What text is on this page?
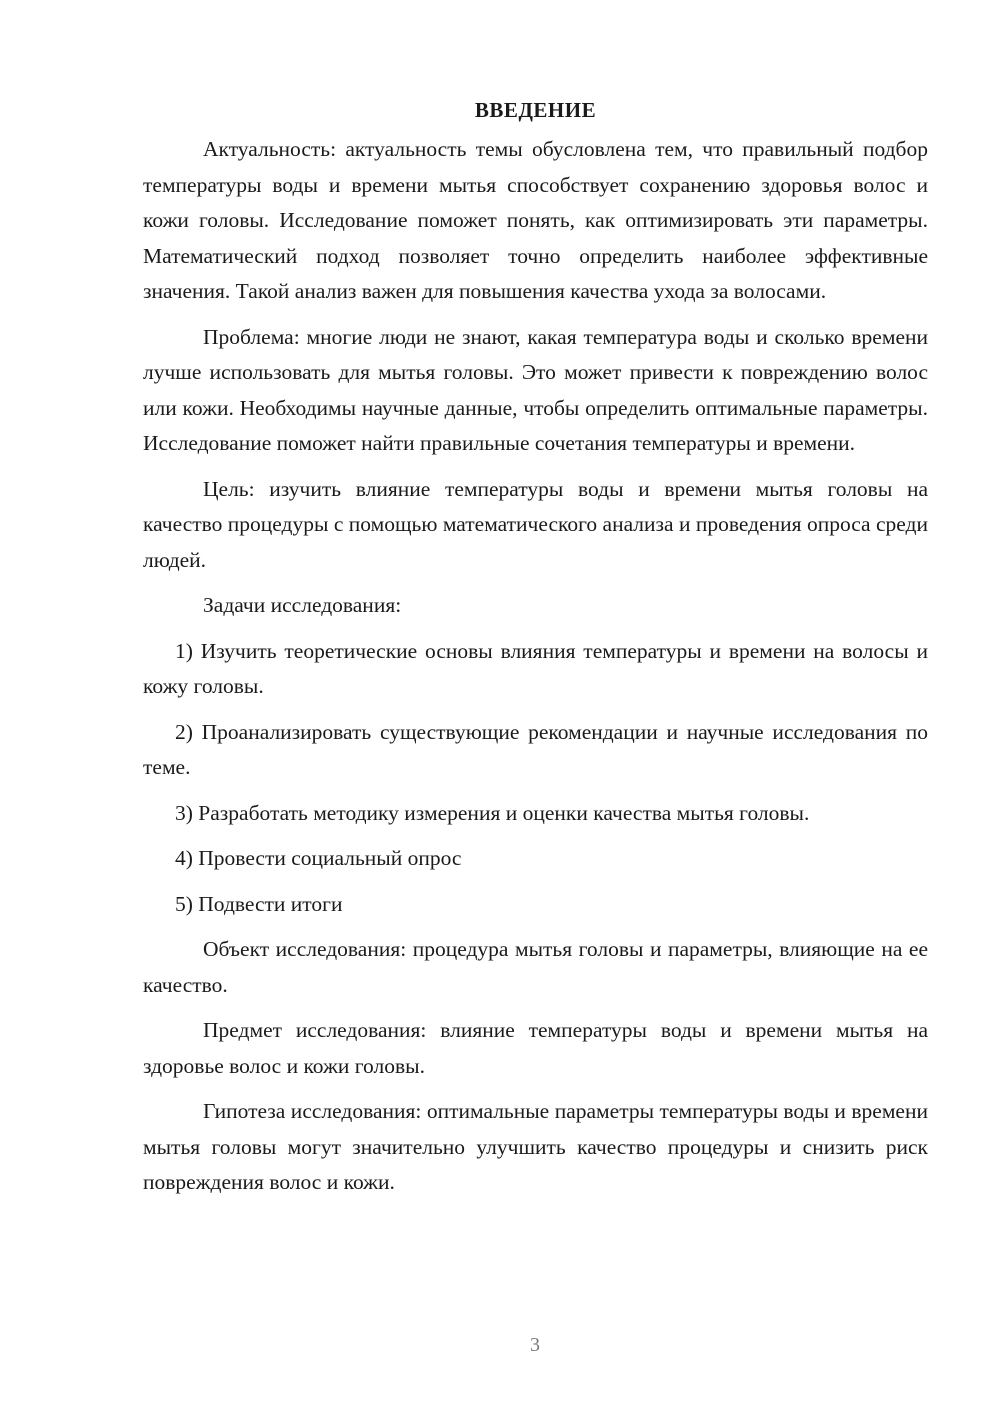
ВВЕДЕНИЕ

Актуальность: актуальность темы обусловлена тем, что правильный подбор температуры воды и времени мытья способствует сохранению здоровья волос и кожи головы. Исследование поможет понять, как оптимизировать эти параметры. Математический подход позволяет точно определить наиболее эффективные значения. Такой анализ важен для повышения качества ухода за волосами.

Проблема: многие люди не знают, какая температура воды и сколько времени лучше использовать для мытья головы. Это может привести к повреждению волос или кожи. Необходимы научные данные, чтобы определить оптимальные параметры. Исследование поможет найти правильные сочетания температуры и времени.

Цель: изучить влияние температуры воды и времени мытья головы на качество процедуры с помощью математического анализа и проведения опроса среди людей.

Задачи исследования:

1) Изучить теоретические основы влияния температуры и времени на волосы и кожу головы.

2) Проанализировать существующие рекомендации и научные исследования по теме.

3) Разработать методику измерения и оценки качества мытья головы.

4) Провести социальный опрос

5) Подвести итоги

Объект исследования: процедура мытья головы и параметры, влияющие на ее качество.

Предмет исследования: влияние температуры воды и времени мытья на здоровье волос и кожи головы.

Гипотеза исследования: оптимальные параметры температуры воды и времени мытья головы могут значительно улучшить качество процедуры и снизить риск повреждения волос и кожи.

3
